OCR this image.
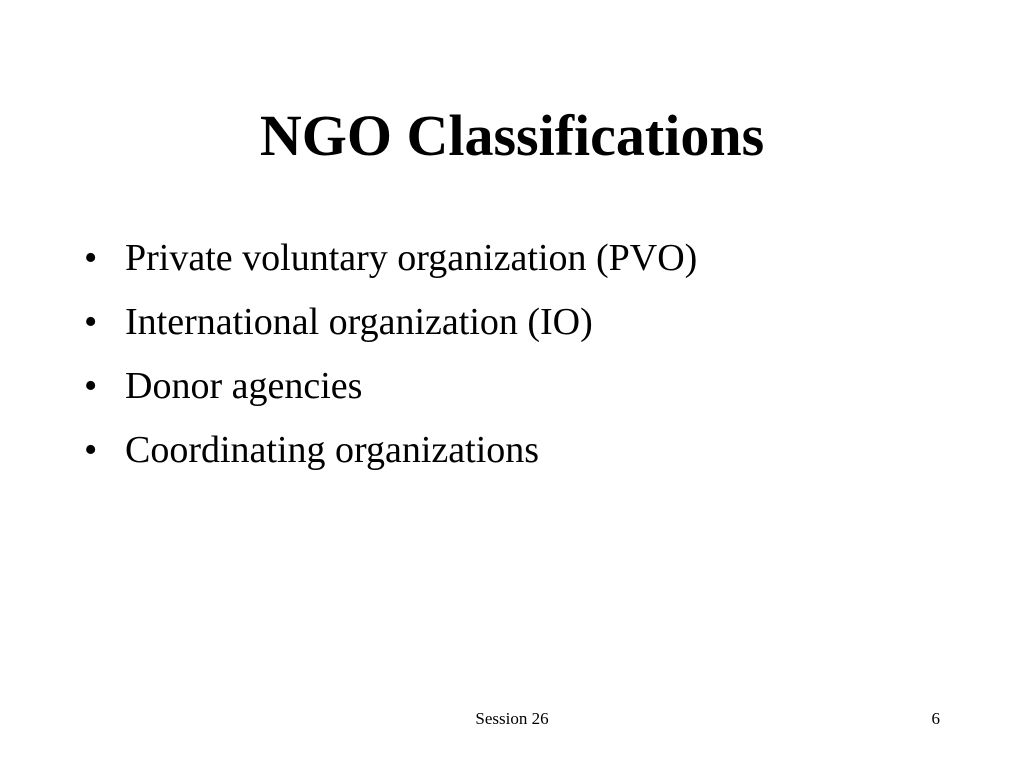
NGO Classifications
• Private voluntary organization (PVO)
• International organization (IO)
• Donor agencies
• Coordinating organizations
Session 26	6
